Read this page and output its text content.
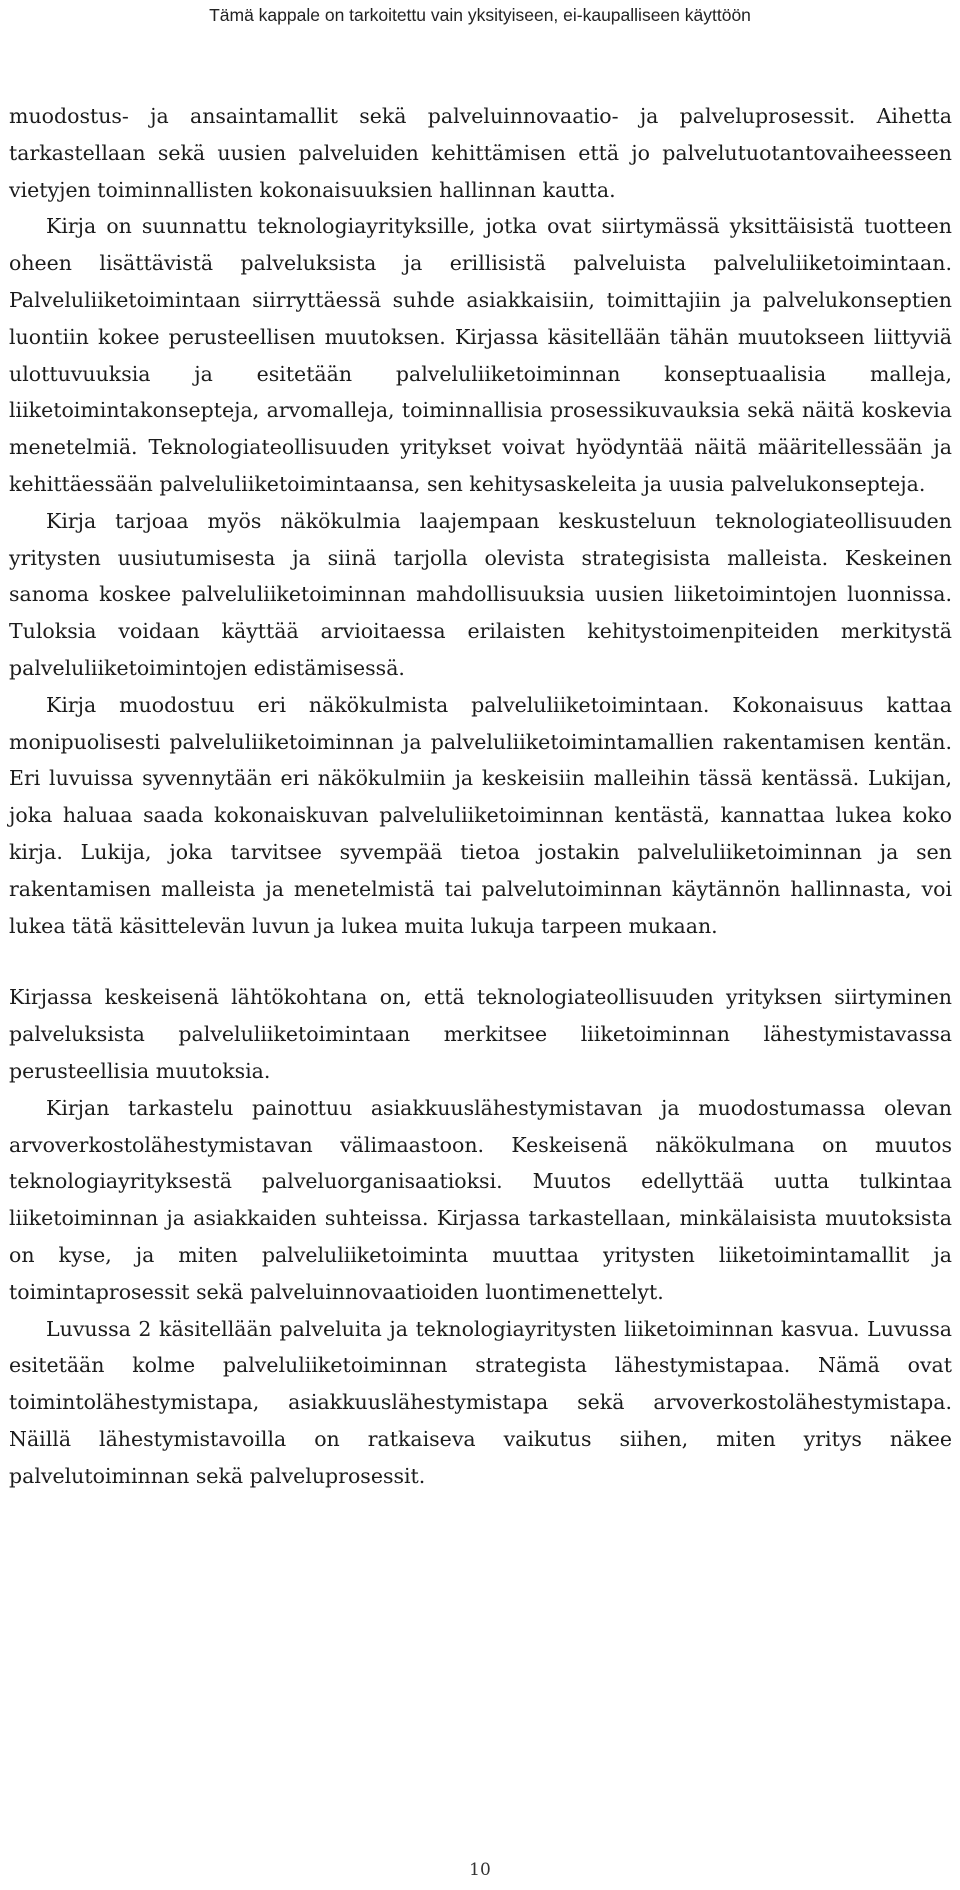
Tämä kappale on tarkoitettu vain yksityiseen, ei-kaupalliseen käyttöön

muodostus- ja ansaintamallit sekä palveluinnovaatio- ja palveluprosessit. Aihetta tarkastellaan sekä uusien palveluiden kehittämisen että jo palvelutuotantovaiheesseen vietyjen toiminnallisten kokonaisuuksien hallinnan kautta.

Kirja on suunnattu teknologiayrityksille, jotka ovat siirtymässä yksittäisistä tuotteen oheen lisättävistä palveluksista ja erillisistä palveluista palveluliiketoimintaan. Palveluliiketoimintaan siirryttäessä suhde asiakkaisiin, toimittajiin ja palvelukonseptien luontiin kokee perusteellisen muutoksen. Kirjassa käsitellään tähän muutokseen liittyviä ulottuvuuksia ja esitetään palveluliiketoiminnan konseptuaalisia malleja, liiketoimintakonsepteja, arvomalleja, toiminnallisia prosessikuvauksia sekä näitä koskevia menetelmiä. Teknologiateollisuuden yritykset voivat hyödyntää näitä määritellessään ja kehittäessään palveluliiketoimintaansa, sen kehitysaskeleita ja uusia palvelukonsepteja.

Kirja tarjoaa myös näkökulmia laajempaan keskusteluun teknologiateollisuuden yritysten uusiutumisesta ja siinä tarjolla olevista strategisista malleista. Keskeinen sanoma koskee palveluliiketoiminnan mahdollisuuksia uusien liiketoimintojen luonnissa. Tuloksia voidaan käyttää arvioitaessa erilaisten kehitystoimenpiteiden merkitystä palveluliiketoimintojen edistämisessä.

Kirja muodostuu eri näkökulmista palveluliiketoimintaan. Kokonaisuus kattaa monipuolisesti palveluliiketoiminnan ja palveluliiketoimintamallien rakentamisen kentän. Eri luvuissa syvennytään eri näkökulmiin ja keskeisiin malleihin tässä kentässä. Lukijan, joka haluaa saada kokonaiskuvan palveluliiketoiminnan kentästä, kannattaa lukea koko kirja. Lukija, joka tarvitsee syvempää tietoa jostakin palveluliiketoiminnan ja sen rakentamisen malleista ja menetelmistä tai palvelutoiminnan käytännön hallinnasta, voi lukea tätä käsittelevän luvun ja lukea muita lukuja tarpeen mukaan.

Kirjassa keskeisenä lähtökohtana on, että teknologiateollisuuden yrityksen siirtyminen palveluksista palveluliiketoimintaan merkitsee liiketoiminnan lähestymistavassa perusteellisia muutoksia.

Kirjan tarkastelu painottuu asiakkuuslähestymistavan ja muodostumassa olevan arvoverkostolähestymistavan välimaastoon. Keskeisenä näkökulmana on muutos teknologiayrityksestä palveluorganisaatioksi. Muutos edellyttää uutta tulkintaa liiketoiminnan ja asiakkaiden suhteissa. Kirjassa tarkastellaan, minkälaisista muutoksista on kyse, ja miten palveluliiketoiminta muuttaa yritysten liiketoimintamallit ja toimintaprosessit sekä palveluinnovaatioiden luontimenettelyt.

Luvussa 2 käsitellään palveluita ja teknologiayritysten liiketoiminnan kasvua. Luvussa esitetään kolme palveluliiketoiminnan strategista lähestymistapaa. Nämä ovat toimintolähestymistapa, asiakkuuslähestymistapa sekä arvoverkostolähestymistapa. Näillä lähestymistavoilla on ratkaiseva vaikutus siihen, miten yritys näkee palvelutoiminnan sekä palveluprosessit.

10
